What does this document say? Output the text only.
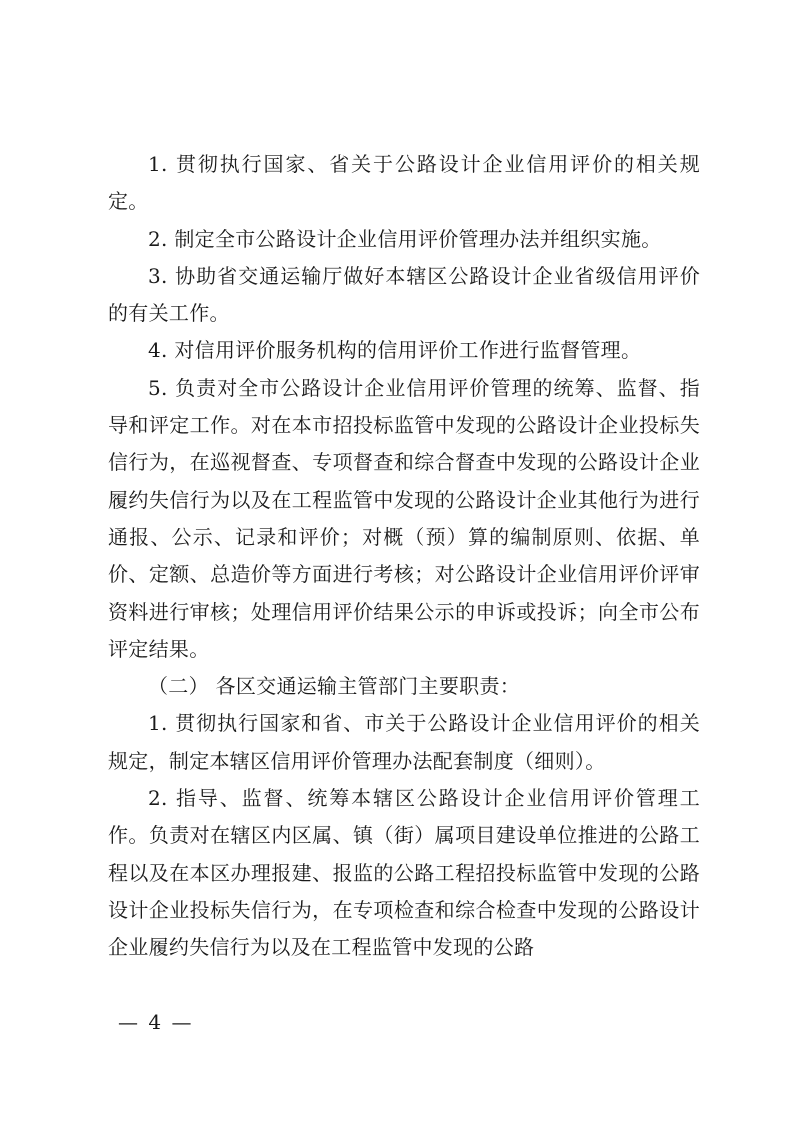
1. 贯彻执行国家、省关于公路设计企业信用评价的相关规定。

2. 制定全市公路设计企业信用评价管理办法并组织实施。

3. 协助省交通运输厅做好本辖区公路设计企业省级信用评价的有关工作。

4. 对信用评价服务机构的信用评价工作进行监督管理。

5. 负责对全市公路设计企业信用评价管理的统筹、监督、指导和评定工作。对在本市招投标监管中发现的公路设计企业投标失信行为，在巡视督查、专项督查和综合督查中发现的公路设计企业履约失信行为以及在工程监管中发现的公路设计企业其他行为进行通报、公示、记录和评价；对概（预）算的编制原则、依据、单价、定额、总造价等方面进行考核；对公路设计企业信用评价评审资料进行审核；处理信用评价结果公示的申诉或投诉；向全市公布评定结果。

（二） 各区交通运输主管部门主要职责：

1. 贯彻执行国家和省、市关于公路设计企业信用评价的相关规定，制定本辖区信用评价管理办法配套制度（细则）。

2. 指导、监督、统筹本辖区公路设计企业信用评价管理工作。负责对在辖区内区属、镇（街）属项目建设单位推进的公路工程以及在本区办理报建、报监的公路工程招投标监管中发现的公路设计企业投标失信行为，在专项检查和综合检查中发现的公路设计企业履约失信行为以及在工程监管中发现的公路

— 4 —
